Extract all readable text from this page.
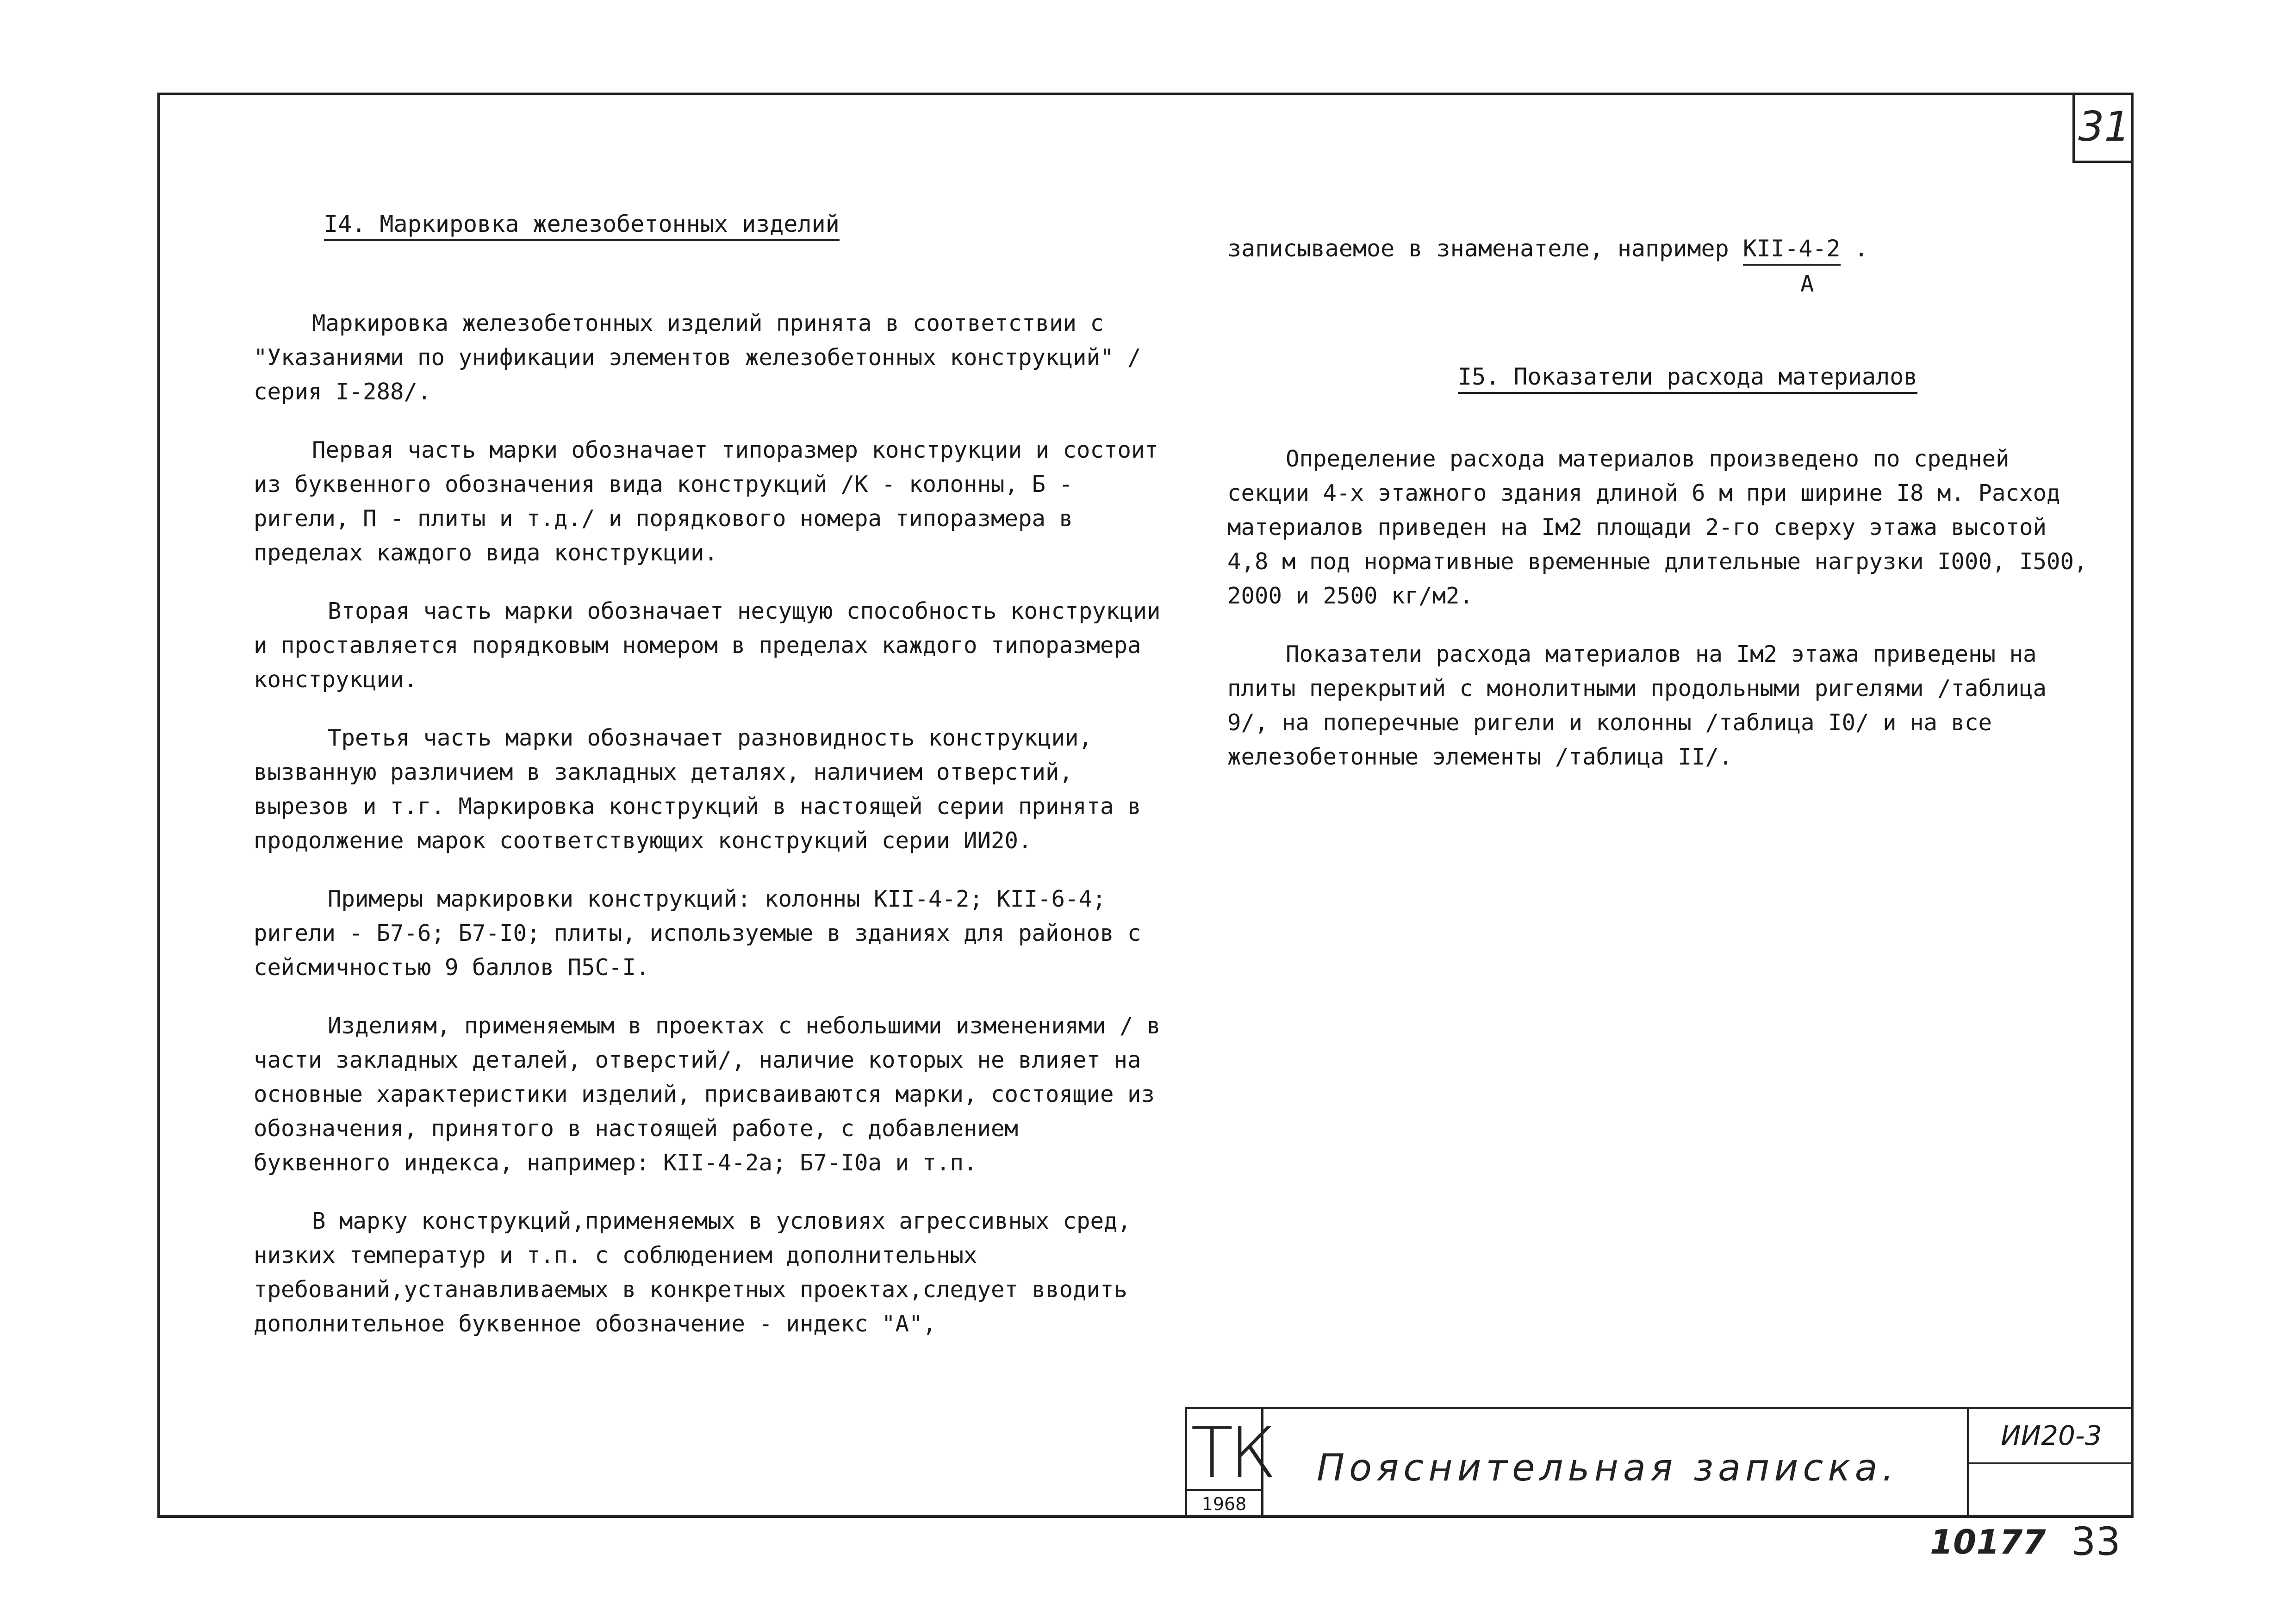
31
I4. Маркировка железобетонных изделий

Маркировка железобетонных изделий принята в соответствии с "Указаниями по унификации элементов железобетонных конструкций" /серия I-288/.

Первая часть марки обозначает типоразмер конструкции и состоит из буквенного обозначения вида конструкций /К - колонны, Б - ригели, П - плиты и т.д./ и порядкового номера типоразмера в пределах каждого вида конструкции.

Вторая часть марки обозначает несущую способность конструкции и проставляется порядковым номером в пределах каждого типоразмера конструкции.

Третья часть марки обозначает разновидность конструкции, вызванную различием в закладных деталях, наличием отверстий, вырезов и т.г. Маркировка конструкций в настоящей серии принята в продолжение марок соответствующих конструкций серии ИИ20.

Примеры маркировки конструкций: колонны КII-4-2; КII-6-4; ригели - Б7-6; Б7-I0; плиты, используемые в зданиях для районов с сейсмичностью 9 баллов П5С-I.

Изделиям, применяемым в проектах с небольшими изменениями / в части закладных деталей, отверстий/, наличие которых не влияет на основные характеристики изделий, присваиваются марки, состоящие из обозначения, принятого в настоящей работе, с добавлением буквенного индекса, например: КII-4-2а; Б7-I0а и т.п.

В марку конструкций,применяемых в условиях агрессивных сред, низких температур и т.п. с соблюдением дополнительных требований,устанавливаемых в конкретных проектах,следует вводить дополнительное буквенное обозначение - индекс "А",

записываемое в знаменателе, например КII-4-2 .
А
I5. Показатели расхода материалов

Определение расхода материалов произведено по средней секции 4-х этажного здания длиной 6 м при ширине I8 м. Расход материалов приведен на Iм2 площади 2-го сверху этажа высотой 4,8 м под нормативные временные длительные нагрузки I000, I500, 2000 и 2500 кг/м2.

Показатели расхода материалов на Iм2 этажа приведены на плиты перекрытий с монолитными продольными ригелями /таблица 9/, на поперечные ригели и колонны /таблица I0/ и на все железобетонные элементы /таблица II/.

ТК
1968
Пояснительная записка.
ИИ20-3
10177 33
